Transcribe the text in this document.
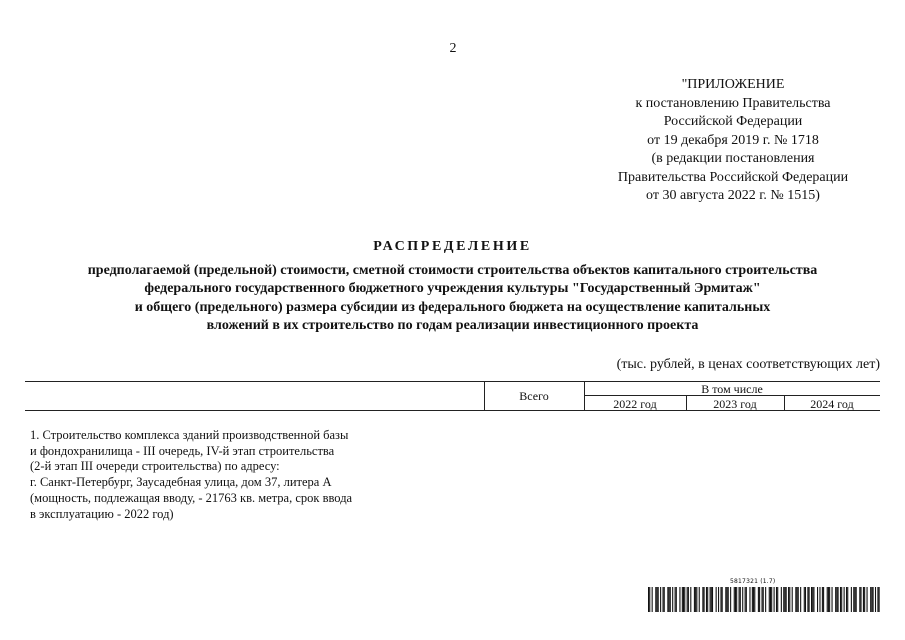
2
"ПРИЛОЖЕНИЕ
к постановлению Правительства
Российской Федерации
от 19 декабря 2019 г. № 1718
(в редакции постановления
Правительства Российской Федерации
от 30 августа 2022 г. № 1515)
РАСПРЕДЕЛЕНИЕ
предполагаемой (предельной) стоимости, сметной стоимости строительства объектов капитального строительства
федерального государственного бюджетного учреждения культуры "Государственный Эрмитаж"
и общего (предельного) размера субсидии из федерального бюджета на осуществление капитальных
вложений в их строительство по годам реализации инвестиционного проекта
(тыс. рублей, в ценах соответствующих лет)
Всего	В том числе
2022 год	2023 год	2024 год
1. Строительство комплекса зданий производственной базы
и фондохранилища - III очередь, IV-й этап строительства
(2-й этап III очереди строительства) по адресу:
г. Санкт-Петербург, Заусадебная улица, дом 37, литера А
(мощность, подлежащая вводу, - 21763 кв. метра, срок ввода
в эксплуатацию - 2022 год)
5817321 (1.7)
